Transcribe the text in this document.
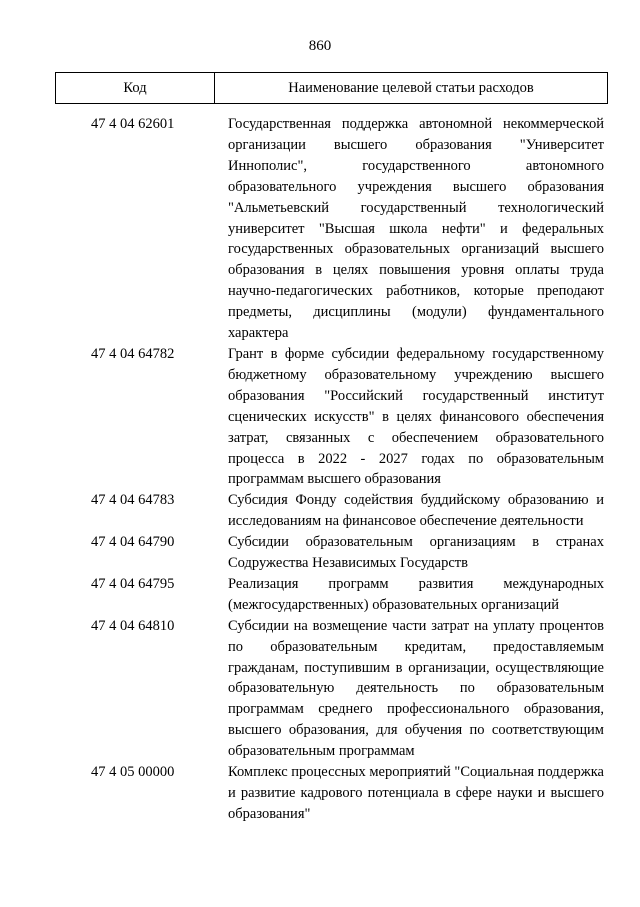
860
Код	Наименование целевой статьи расходов
47 4 04 62601	Государственная поддержка автономной некоммерческой организации высшего образования "Университет Иннополис", государственного автономного образовательного учреждения высшего образования "Альметьевский государственный технологический университет "Высшая школа нефти" и федеральных государственных образовательных организаций высшего образования в целях повышения уровня оплаты труда научно-педагогических работников, которые преподают предметы, дисциплины (модули) фундаментального характера
47 4 04 64782	Грант в форме субсидии федеральному государственному бюджетному образовательному учреждению высшего образования "Российский государственный институт сценических искусств" в целях финансового обеспечения затрат, связанных с обеспечением образовательного процесса в 2022 - 2027 годах по образовательным программам высшего образования
47 4 04 64783	Субсидия Фонду содействия буддийскому образованию и исследованиям на финансовое обеспечение деятельности
47 4 04 64790	Субсидии образовательным организациям в странах Содружества Независимых Государств
47 4 04 64795	Реализация программ развития международных (межгосударственных) образовательных организаций
47 4 04 64810	Субсидии на возмещение части затрат на уплату процентов по образовательным кредитам, предоставляемым гражданам, поступившим в организации, осуществляющие образовательную деятельность по образовательным программам среднего профессионального образования, высшего образования, для обучения по соответствующим образовательным программам
47 4 05 00000	Комплекс процессных мероприятий "Социальная поддержка и развитие кадрового потенциала в сфере науки и высшего образования"
